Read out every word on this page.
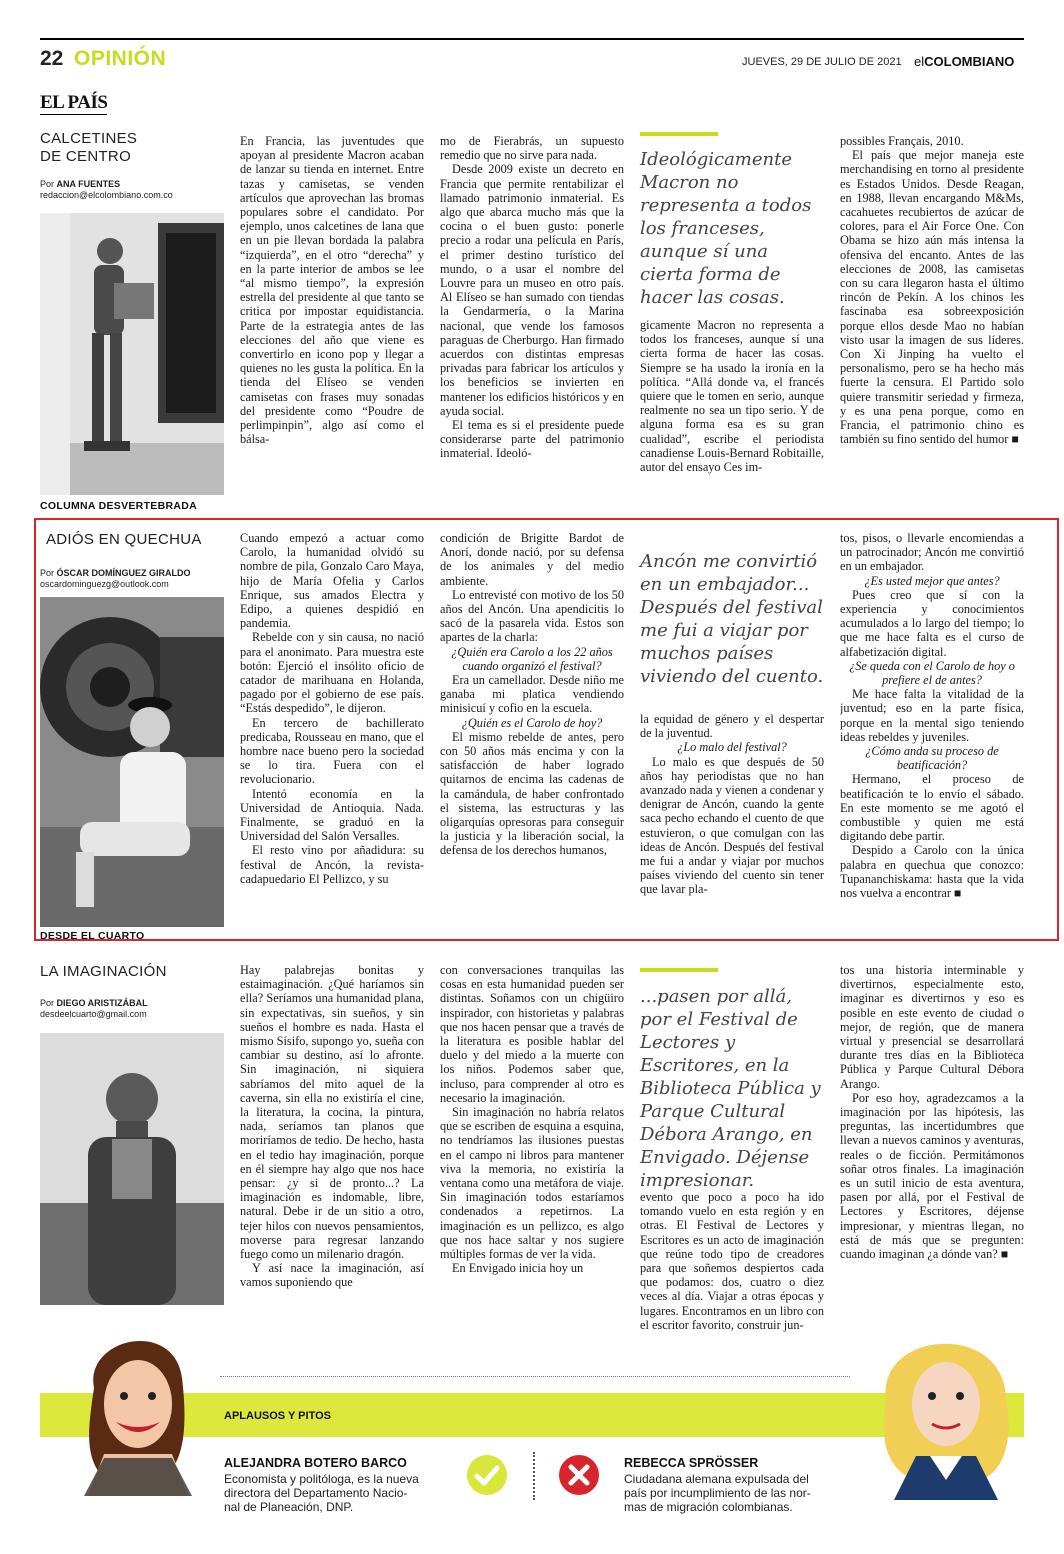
22 OPINIÓN	JUEVES, 29 DE JULIO DE 2021 elCOLOMBIANO
EL PAÍS
CALCETINES
DE CENTRO
Por ANA FUENTES
redaccion@elcolombiano.com.co
COLUMNA DESVERTEBRADA

En Francia, las juventudes que apoyan al presidente Macron acaban de lanzar su tienda en internet. Entre tazas y camisetas, se venden artículos que aprovechan las bromas populares sobre el candidato. Por ejemplo, unos calcetines de lana que en un pie llevan bordada la palabra “izquierda”, en el otro “derecha” y en la parte interior de ambos se lee “al mismo tiempo”, la expresión estrella del presidente al que tanto se critica por impostar equidistancia. Parte de la estrategia antes de las elecciones del año que viene es convertirlo en icono pop y llegar a quienes no les gusta la política. En la tienda del Elíseo se venden camisetas con frases muy sonadas del presidente como “Poudre de perlimpinpin”, algo así como el bálsa-

mo de Fierabrás, un supuesto remedio que no sirve para nada.

Desde 2009 existe un decreto en Francia que permite rentabilizar el llamado patrimonio inmaterial. Es algo que abarca mucho más que la cocina o el buen gusto: ponerle precio a rodar una película en París, el primer destino turístico del mundo, o a usar el nombre del Louvre para un museo en otro país. Al Elíseo se han sumado con tiendas la Gendarmería, o la Marina nacional, que vende los famosos paraguas de Cherburgo. Han firmado acuerdos con distintas empresas privadas para fabricar los artículos y los beneficios se invierten en mantener los edificios históricos y en ayuda social.

El tema es si el presidente puede considerarse parte del patrimonio inmaterial. Ideoló-

Ideológicamente Macron no representa a todos los franceses, aunque sí una cierta forma de hacer las cosas.

gicamente Macron no representa a todos los franceses, aunque sí una cierta forma de hacer las cosas. Siempre se ha usado la ironía en la política. “Allá donde va, el francés quiere que le tomen en serio, aunque realmente no sea un tipo serio. Y de alguna forma esa es su gran cualidad”, escribe el periodista canadiense Louis-Bernard Robitaille, autor del ensayo Ces im-

possibles Français, 2010.

El país que mejor maneja este merchandising en torno al presidente es Estados Unidos. Desde Reagan, en 1988, llevan encargando M&Ms, cacahuetes recubiertos de azúcar de colores, para el Air Force One. Con Obama se hizo aún más intensa la ofensiva del encanto. Antes de las elecciones de 2008, las camisetas con su cara llegaron hasta el último rincón de Pekín. A los chinos les fascinaba esa sobreexposición porque ellos desde Mao no habían visto usar la imagen de sus líderes. Con Xi Jinping ha vuelto el personalismo, pero se ha hecho más fuerte la censura. El Partido solo quiere transmitir seriedad y firmeza, y es una pena porque, como en Francia, el patrimonio chino es también su fino sentido del humor ■

ADIÓS EN QUECHUA
Por ÓSCAR DOMÍNGUEZ GIRALDO
oscardominguezg@outlook.com
DESDE EL CUARTO

Cuando empezó a actuar como Carolo, la humanidad olvidó su nombre de pila, Gonzalo Caro Maya, hijo de María Ofelia y Carlos Enrique, sus amados Electra y Edipo, a quienes despidió en pandemia.

Rebelde con y sin causa, no nació para el anonimato. Para muestra este botón: Ejerció el insólito oficio de catador de marihuana en Holanda, pagado por el gobierno de ese país. “Estás despedido”, le dijeron.

En tercero de bachillerato predicaba, Rousseau en mano, que el hombre nace bueno pero la sociedad se lo tira. Fuera con el revolucionario.

Intentó economía en la Universidad de Antioquia. Nada. Finalmente, se graduó en la Universidad del Salón Versalles.

El resto vino por añadidura: su festival de Ancón, la revista-cadapuedario El Pellizco, y su

condición de Brigitte Bardot de Anorí, donde nació, por su defensa de los animales y del medio ambiente.

Lo entrevisté con motivo de los 50 años del Ancón. Una apendicitis lo sacó de la pasarela vida. Estos son apartes de la charla:

¿Quién era Carolo a los 22 años cuando organizó el festival?

Era un camellador. Desde niño me ganaba mi platica vendiendo minisicuí y cofio en la escuela.

¿Quién es el Carolo de hoy?

El mismo rebelde de antes, pero con 50 años más encima y con la satisfacción de haber logrado quitarnos de encima las cadenas de la camándula, de haber confrontado el sistema, las estructuras y las oligarquías opresoras para conseguir la justicia y la liberación social, la defensa de los derechos humanos,

Ancón me convirtió en un embajador... Después del festival me fui a viajar por muchos países viviendo del cuento.

la equidad de género y el despertar de la juventud.

¿Lo malo del festival?

Lo malo es que después de 50 años hay periodistas que no han avanzado nada y vienen a condenar y denigrar de Ancón, cuando la gente saca pecho echando el cuento de que estuvieron, o que comulgan con las ideas de Ancón. Después del festival me fui a andar y viajar por muchos países viviendo del cuento sin tener que lavar pla-

tos, pisos, o llevarle encomiendas a un patrocinador; Ancón me convirtió en un embajador.

¿Es usted mejor que antes?

Pues creo que sí con la experiencia y conocimientos acumulados a lo largo del tiempo; lo que me hace falta es el curso de alfabetización digital.

¿Se queda con el Carolo de hoy o prefiere el de antes?

Me hace falta la vitalidad de la juventud; eso en la parte física, porque en la mental sigo teniendo ideas rebeldes y juveniles.

¿Cómo anda su proceso de beatificación?

Hermano, el proceso de beatificación te lo envío el sábado. En este momento se me agotó el combustible y quien me está digitando debe partir.

Despido a Carolo con la única palabra en quechua que conozco: Tupananchiskama: hasta que la vida nos vuelva a encontrar ■

LA IMAGINACIÓN
Por DIEGO ARISTIZÁBAL
desdeelcuarto@gmail.com

Hay palabrejas bonitas y estaimaginación. ¿Qué haríamos sin ella? Seríamos una humanidad plana, sin expectativas, sin sueños, y sin sueños el hombre es nada. Hasta el mismo Sísifo, supongo yo, sueña con cambiar su destino, así lo afronte. Sin imaginación, ni siquiera sabríamos del mito aquel de la caverna, sin ella no existiría el cine, la literatura, la cocina, la pintura, nada, seríamos tan planos que moriríamos de tedio. De hecho, hasta en el tedio hay imaginación, porque en él siempre hay algo que nos hace pensar: ¿y si de pronto...? La imaginación es indomable, libre, natural. Debe ir de un sitio a otro, tejer hilos con nuevos pensamientos, moverse para regresar lanzando fuego como un milenario dragón.

Y así nace la imaginación, así vamos suponiendo que

con conversaciones tranquilas las cosas en esta humanidad pueden ser distintas. Soñamos con un chigüiro inspirador, con historietas y palabras que nos hacen pensar que a través de la literatura es posible hablar del duelo y del miedo a la muerte con los niños. Podemos saber que, incluso, para comprender al otro es necesario la imaginación.

Sin imaginación no habría relatos que se escriben de esquina a esquina, no tendríamos las ilusiones puestas en el campo ni libros para mantener viva la memoria, no existiría la ventana como una metáfora de viaje. Sin imaginación todos estaríamos condenados a repetirnos. La imaginación es un pellizco, es algo que nos hace saltar y nos sugiere múltiples formas de ver la vida.

En Envigado inicia hoy un

...pasen por allá, por el Festival de Lectores y Escritores, en la Biblioteca Pública y Parque Cultural Débora Arango, en Envigado. Déjense impresionar.

evento que poco a poco ha ido tomando vuelo en esta región y en otras. El Festival de Lectores y Escritores es un acto de imaginación que reúne todo tipo de creadores para que soñemos despiertos cada que podamos: dos, cuatro o diez veces al día. Viajar a otras épocas y lugares. Encontramos en un libro con el escritor favorito, construir jun-

tos una historia interminable y divertirnos, especialmente esto, imaginar es divertirnos y eso es posible en este evento de ciudad o mejor, de región, que de manera virtual y presencial se desarrollará durante tres días en la Biblioteca Pública y Parque Cultural Débora Arango.

Por eso hoy, agradezcamos a la imaginación por las hipótesis, las preguntas, las incertidumbres que llevan a nuevos caminos y aventuras, reales o de ficción. Permitámonos soñar otros finales. La imaginación es un sutil inicio de esta aventura, pasen por allá, por el Festival de Lectores y Escritores, déjense impresionar, y mientras llegan, no está de más que se pregunten: cuando imaginan ¿a dónde van? ■

APLAUSOS Y PITOS
ALEJANDRA BOTERO BARCO
Economista y politóloga, es la nueva
directora del Departamento Nacio-
nal de Planeación, DNP.
REBECCA SPRÖSSER
Ciudadana alemana expulsada del
país por incumplimiento de las nor-
mas de migración colombianas.
